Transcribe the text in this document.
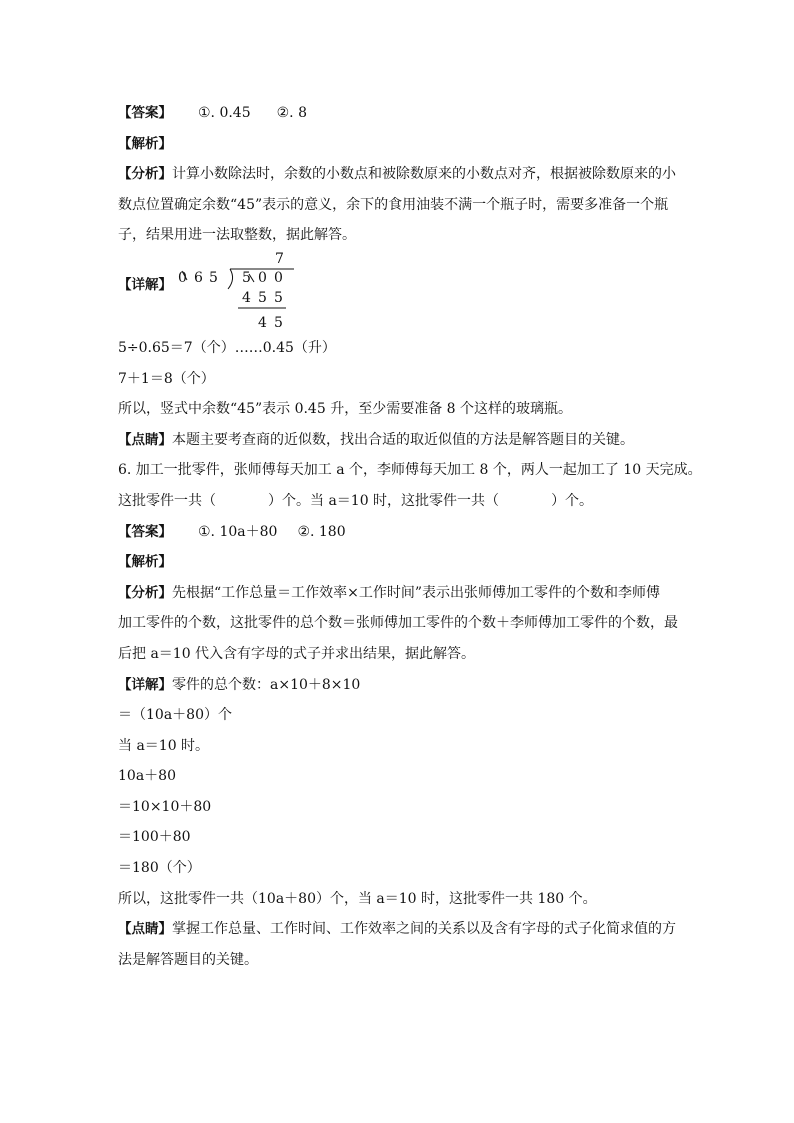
【答案】 ①. 0.45 ②. 8
【解析】
【分析】计算小数除法时，余数的小数点和被除数原来的小数点对齐，根据被除数原来的小
数点位置确定余数“45”表示的意义，余下的食用油装不满一个瓶子时，需要多准备一个瓶
子，结果用进一法取整数，据此解答。
【详解】
7
0 6 5 5 0 0
4 5 5
4 5
5÷0.65＝7（个）……0.45（升）
7＋1＝8（个）
所以，竖式中余数“45”表示 0.45 升，至少需要准备 8 个这样的玻璃瓶。
【点睛】本题主要考查商的近似数，找出合适的取近似值的方法是解答题目的关键。
6. 加工一批零件，张师傅每天加工 a 个，李师傅每天加工 8 个，两人一起加工了 10 天完成。
这批零件一共（	）个。当 a＝10 时，这批零件一共（	）个。
【答案】 ①. 10a＋80 ②. 180
【解析】
【分析】先根据“工作总量＝工作效率×工作时间”表示出张师傅加工零件的个数和李师傅
加工零件的个数，这批零件的总个数＝张师傅加工零件的个数＋李师傅加工零件的个数，最
后把 a＝10 代入含有字母的式子并求出结果，据此解答。
【详解】零件的总个数：a×10＋8×10
＝（10a＋80）个
当 a＝10 时。
10a＋80
＝10×10＋80
＝100＋80
＝180（个）
所以，这批零件一共（10a＋80）个，当 a＝10 时，这批零件一共 180 个。
【点睛】掌握工作总量、工作时间、工作效率之间的关系以及含有字母的式子化简求值的方
法是解答题目的关键。
